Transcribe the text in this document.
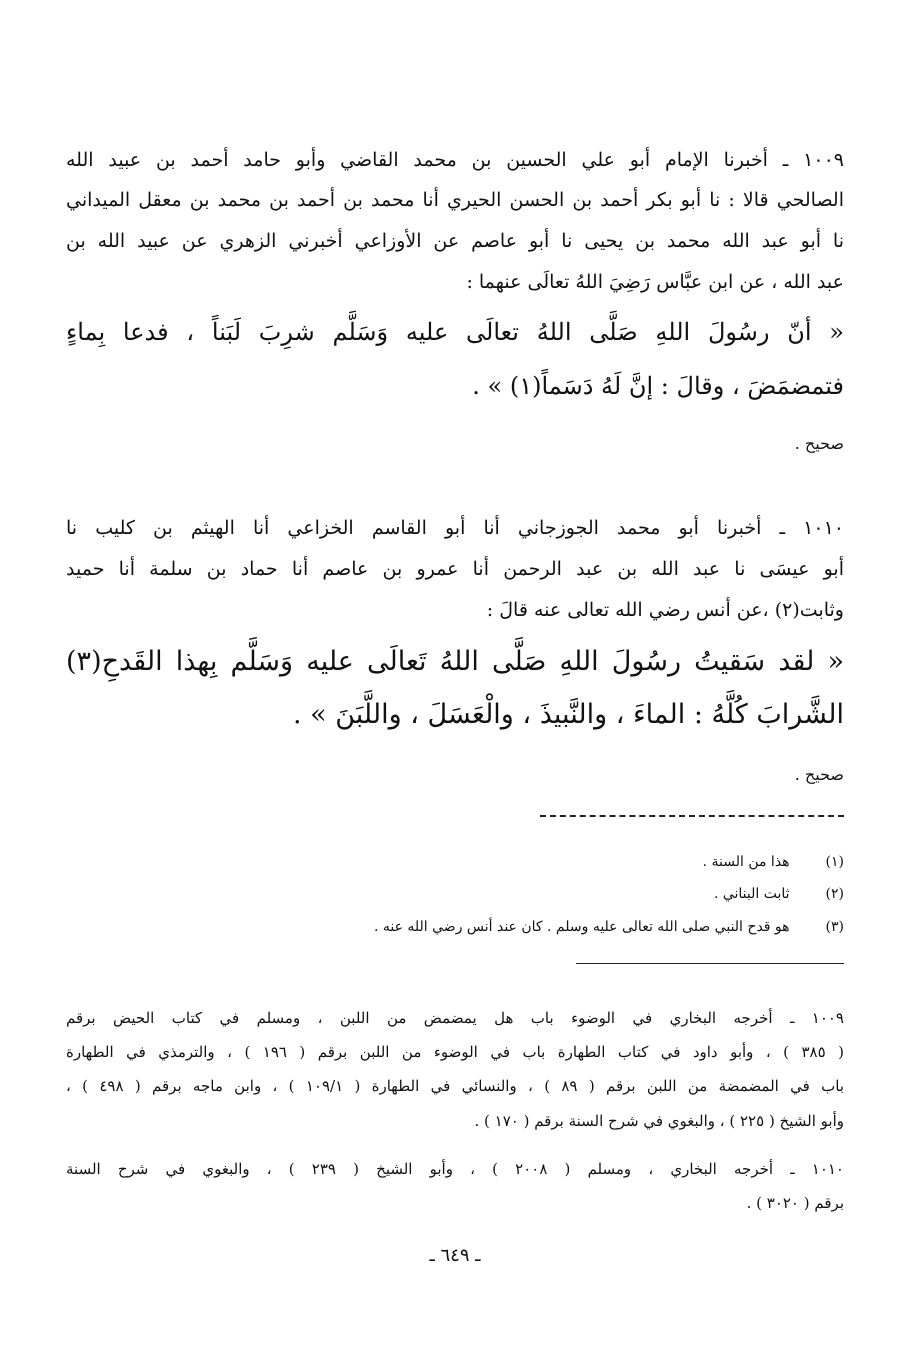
١٠٠٩ ـ أخبرنا الإمام أبو علي الحسين بن محمد القاضي وأبو حامد أحمد بن عبيد الله
الصالحي قالا : نا أبو بكر أحمد بن الحسن الحيري أنا محمد بن أحمد بن محمد بن معقل الميداني
نا أبو عبد الله محمد بن يحيى نا أبو عاصم عن الأوزاعي أخبرني الزهري عن عبيد الله بن
عبد الله ، عن ابن عبَّاس رَضِيَ اللهُ تعالَى عنهما :
« أنّ رسُولَ اللهِ صَلَّى اللهُ تعالَى عليه وَسَلَّم شرِبَ لَبَناً ، فدعا بِماءٍ
فتمضمَضَ ، وقالَ : إنَّ لَهُ دَسَماً(١) » .
صحيح .
١٠١٠ ـ أخبرنا أبو محمد الجوزجاني أنا أبو القاسم الخزاعي أنا الهيثم بن كليب نا
أبو عيسَى نا عبد الله بن عبد الرحمن أنا عمرو بن عاصم أنا حماد بن سلمة أنا حميد
وثابت(٢) ،عن أنس رضي الله تعالى عنه قالَ :
« لقد سَقيتُ رسُولَ اللهِ صَلَّى اللهُ تَعالَى عليه وَسَلَّم بِهذا القَدحِ(٣)
الشَّرابَ كُلَّهُ : الماءَ ، والنَّبيذَ ، والْعَسَلَ ، واللَّبَنَ » .
صحيح .
(١) هذا من السنة .
(٢) ثابت البناني .
(٣) هو قدح النبي صلى الله تعالى عليه وسلم . كان عند أنس رضي الله عنه .
١٠٠٩ ـ أخرجه البخاري في الوضوء باب هل يمضمض من اللبن ، ومسلم في كتاب الحيض برقم
( ٣٨٥ ) ، وأبو داود في كتاب الطهارة باب في الوضوء من اللبن برقم ( ١٩٦ ) ، والترمذي في الطهارة
باب في المضمضة من اللبن برقم ( ٨٩ ) ، والنسائي في الطهارة ( ١٠٩/١ ) ، وابن ماجه برقم ( ٤٩٨ ) ،
وأبو الشيخ ( ٢٢٥ ) ، والبغوي في شرح السنة برقم ( ١٧٠ ) .
١٠١٠ ـ أخرجه البخاري ، ومسلم ( ٢٠٠٨ ) ، وأبو الشيخ ( ٢٣٩ ) ، والبغوي في شرح السنة
برقم ( ٣٠٢٠ ) .
ـ ٦٤٩ ـ
